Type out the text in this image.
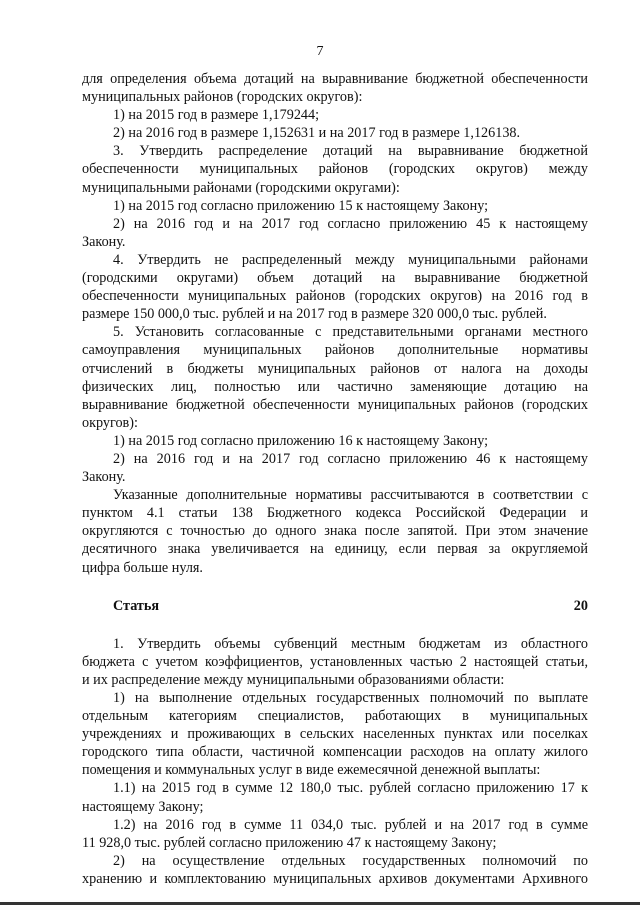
7
для определения объема дотаций на выравнивание бюджетной обеспеченности
муниципальных районов (городских округов):
1) на 2015 год в размере 1,179244;
2) на 2016 год в размере 1,152631 и на 2017 год в размере 1,126138.
3. Утвердить распределение дотаций на выравнивание бюджетной
обеспеченности муниципальных районов (городских округов) между
муниципальными районами (городскими округами):
1) на 2015 год согласно приложению 15 к настоящему Закону;
2) на 2016 год и на 2017 год согласно приложению 45 к настоящему
Закону.
4. Утвердить не распределенный между муниципальными районами
(городскими округами) объем дотаций на выравнивание бюджетной
обеспеченности муниципальных районов (городских округов) на 2016 год в
размере 150 000,0 тыс. рублей и на 2017 год в размере 320 000,0 тыс. рублей.
5. Установить согласованные с представительными органами местного
самоуправления муниципальных районов дополнительные нормативы
отчислений в бюджеты муниципальных районов от налога на доходы
физических лиц, полностью или частично заменяющие дотацию на
выравнивание бюджетной обеспеченности муниципальных районов (городских
округов):
1) на 2015 год согласно приложению 16 к настоящему Закону;
2) на 2016 год и на 2017 год согласно приложению 46 к настоящему
Закону.
Указанные дополнительные нормативы рассчитываются в соответствии с
пунктом 4.1 статьи 138 Бюджетного кодекса Российской Федерации и
округляются с точностью до одного знака после запятой. При этом значение
десятичного знака увеличивается на единицу, если первая за округляемой
цифра больше нуля.
Статья 20
1. Утвердить объемы субвенций местным бюджетам из областного
бюджета с учетом коэффициентов, установленных частью 2 настоящей статьи,
и их распределение между муниципальными образованиями области:
1) на выполнение отдельных государственных полномочий по выплате
отдельным категориям специалистов, работающих в муниципальных
учреждениях и проживающих в сельских населенных пунктах или поселках
городского типа области, частичной компенсации расходов на оплату жилого
помещения и коммунальных услуг в виде ежемесячной денежной выплаты:
1.1) на 2015 год в сумме 12 180,0 тыс. рублей согласно приложению 17 к
настоящему Закону;
1.2) на 2016 год в сумме 11 034,0 тыс. рублей и на 2017 год в сумме
11 928,0 тыс. рублей согласно приложению 47 к настоящему Закону;
2) на осуществление отдельных государственных полномочий по
хранению и комплектованию муниципальных архивов документами Архивного
